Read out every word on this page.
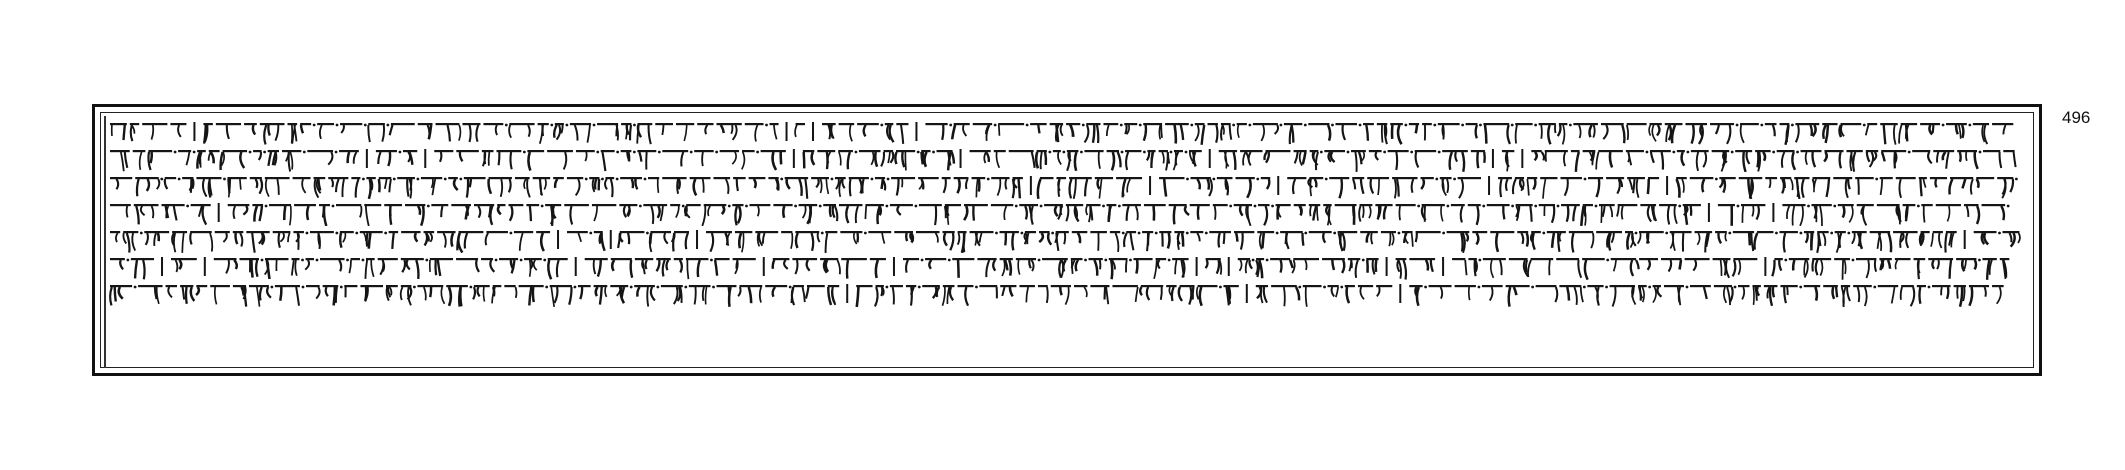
496
